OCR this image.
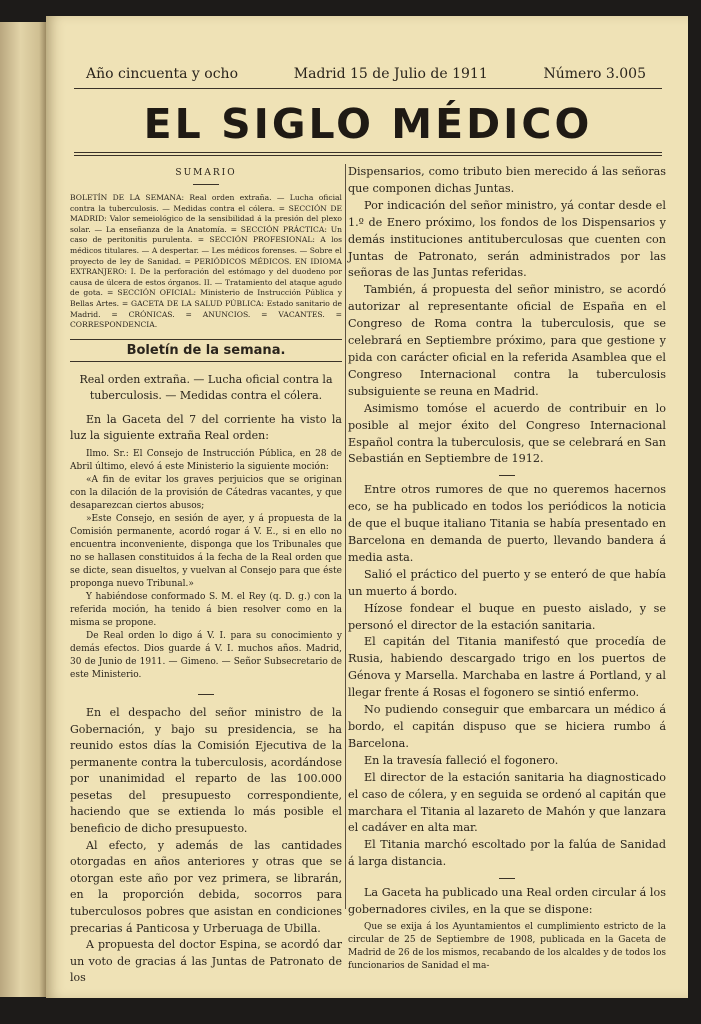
Año cincuenta y ocho	Madrid 15 de Julio de 1911	Número 3.005
EL SIGLO MÉDICO
SUMARIO
BOLETÍN DE LA SEMANA: Real orden extraña. — Lucha oficial contra la tuberculosis. — Medidas contra el cólera. = SECCIÓN DE MADRID: Valor semeiológico de la sensibilidad á la presión del plexo solar. — La enseñanza de la Anatomía. = SECCIÓN PRÁCTICA: Un caso de peritonitis purulenta. = SECCIÓN PROFESIONAL: A los médicos titulares. — A despertar. — Les médicos forenses. — Sobre el proyecto de ley de Sanidad. = PERIÓDICOS MÉDICOS. EN IDIOMA EXTRANJERO: I. De la perforación del estómago y del duodeno por causa de úlcera de estos órganos. II. — Tratamiento del ataque agudo de gota. = SECCIÓN OFICIAL: Ministerio de Instrucción Pública y Bellas Artes. = GACETA DE LA SALUD PÚBLICA: Estado sanitario de Madrid. = CRÓNICAS. = ANUNCIOS. = VACANTES. = CORRESPONDENCIA.
Boletín de la semana.
Real orden extraña. — Lucha oficial contra la tuberculosis. — Medidas contra el cólera.

En la Gaceta del 7 del corriente ha visto la luz la siguiente extraña Real orden:

Ilmo. Sr.: El Consejo de Instrucción Pública, en 28 de Abril último, elevó á este Ministerio la siguiente moción:

«A fin de evitar los graves perjuicios que se originan con la dilación de la provisión de Cátedras vacantes, y que desaparezcan ciertos abusos;

»Este Consejo, en sesión de ayer, y á propuesta de la Comisión permanente, acordó rogar á V. E., si en ello no encuentra inconveniente, disponga que los Tribunales que no se hallasen constituidos á la fecha de la Real orden que se dicte, sean disueltos, y vuelvan al Consejo para que éste proponga nuevo Tribunal.»

Y habiéndose conformado S. M. el Rey (q. D. g.) con la referida moción, ha tenido á bien resolver como en la misma se propone.

De Real orden lo digo á V. I. para su conocimiento y demás efectos. Dios guarde á V. I. muchos años. Madrid, 30 de Junio de 1911. — Gimeno. — Señor Subsecretario de este Ministerio.

En el despacho del señor ministro de la Gobernación, y bajo su presidencia, se ha reunido estos días la Comisión Ejecutiva de la permanente contra la tuberculosis, acordándose por unanimidad el reparto de las 100.000 pesetas del presupuesto correspondiente, haciendo que se extienda lo más posible el beneficio de dicho presupuesto.

Al efecto, y además de las cantidades otorgadas en años anteriores y otras que se otorgan este año por vez primera, se librarán, en la proporción debida, socorros para tuberculosos pobres que asistan en condiciones precarias á Panticosa y Urberuaga de Ubilla.

A propuesta del doctor Espina, se acordó dar un voto de gracias á las Juntas de Patronato de los

Dispensarios, como tributo bien merecido á las señoras que componen dichas Juntas.

Por indicación del señor ministro, yá contar desde el 1.º de Enero próximo, los fondos de los Dispensarios y demás instituciones antituberculosas que cuenten con Juntas de Patronato, serán administrados por las señoras de las Juntas referidas.

También, á propuesta del señor ministro, se acordó autorizar al representante oficial de España en el Congreso de Roma contra la tuberculosis, que se celebrará en Septiembre próximo, para que gestione y pida con carácter oficial en la referida Asamblea que el Congreso Internacional contra la tuberculosis subsiguiente se reuna en Madrid.

Asimismo tomóse el acuerdo de contribuir en lo posible al mejor éxito del Congreso Internacional Español contra la tuberculosis, que se celebrará en San Sebastián en Septiembre de 1912.

Entre otros rumores de que no queremos hacernos eco, se ha publicado en todos los periódicos la noticia de que el buque italiano Titania se había presentado en Barcelona en demanda de puerto, llevando bandera á media asta.

Salió el práctico del puerto y se enteró de que había un muerto á bordo.

Hízose fondear el buque en puesto aislado, y se personó el director de la estación sanitaria.

El capitán del Titania manifestó que procedía de Rusia, habiendo descargado trigo en los puertos de Génova y Marsella. Marchaba en lastre á Portland, y al llegar frente á Rosas el fogonero se sintió enfermo.

No pudiendo conseguir que embarcara un médico á bordo, el capitán dispuso que se hiciera rumbo á Barcelona.

En la travesía falleció el fogonero.

El director de la estación sanitaria ha diagnosticado el caso de cólera, y en seguida se ordenó al capitán que marchara el Titania al lazareto de Mahón y que lanzara el cadáver en alta mar.

El Titania marchó escoltado por la falúa de Sanidad á larga distancia.

La Gaceta ha publicado una Real orden circular á los gobernadores civiles, en la que se dispone:

Que se exija á los Ayuntamientos el cumplimiento estricto de la circular de 25 de Septiembre de 1908, publicada en la Gaceta de Madrid de 26 de los mismos, recabando de los alcaldes y de todos los funcionarios de Sanidad el ma-
